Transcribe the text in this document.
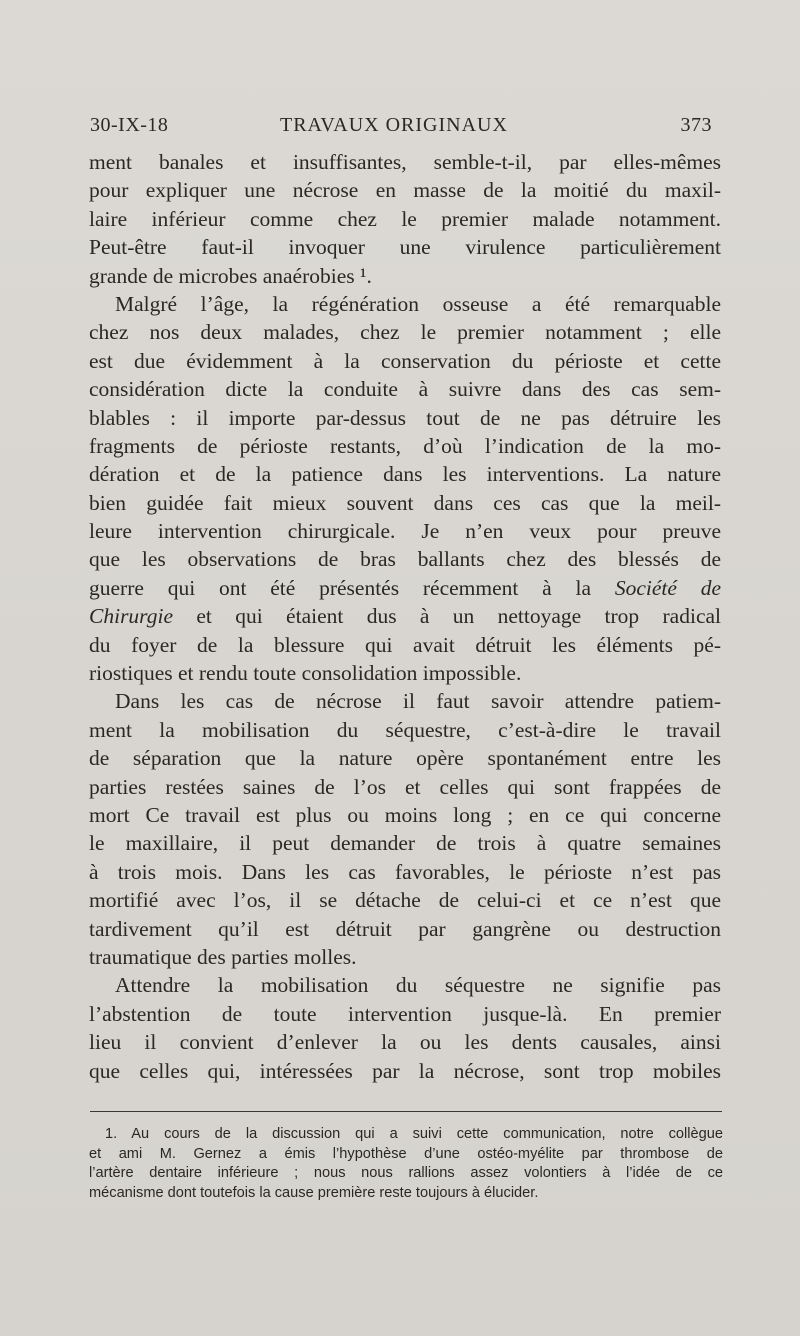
30-IX-18	TRAVAUX ORIGINAUX	373
ment banales et insuffisantes, semble-t-il, par elles-mêmes
pour expliquer une nécrose en masse de la moitié du maxil-
laire inférieur comme chez le premier malade notamment.
Peut-être faut-il invoquer une virulence particulièrement
grande de microbes anaérobies ¹.
Malgré l’âge, la régénération osseuse a été remarquable
chez nos deux malades, chez le premier notamment ; elle
est due évidemment à la conservation du périoste et cette
considération dicte la conduite à suivre dans des cas sem-
blables : il importe par-dessus tout de ne pas détruire les
fragments de périoste restants, d’où l’indication de la mo-
dération et de la patience dans les interventions. La nature
bien guidée fait mieux souvent dans ces cas que la meil-
leure intervention chirurgicale. Je n’en veux pour preuve
que les observations de bras ballants chez des blessés de
guerre qui ont été présentés récemment à la Société de
Chirurgie et qui étaient dus à un nettoyage trop radical
du foyer de la blessure qui avait détruit les éléments pé-
riostiques et rendu toute consolidation impossible.
Dans les cas de nécrose il faut savoir attendre patiem-
ment la mobilisation du séquestre, c’est-à-dire le travail
de séparation que la nature opère spontanément entre les
parties restées saines de l’os et celles qui sont frappées de
mort Ce travail est plus ou moins long ; en ce qui concerne
le maxillaire, il peut demander de trois à quatre semaines
à trois mois. Dans les cas favorables, le périoste n’est pas
mortifié avec l’os, il se détache de celui-ci et ce n’est que
tardivement qu’il est détruit par gangrène ou destruction
traumatique des parties molles.
Attendre la mobilisation du séquestre ne signifie pas
l’abstention de toute intervention jusque-là. En premier
lieu il convient d’enlever la ou les dents causales, ainsi
que celles qui, intéressées par la nécrose, sont trop mobiles
1. Au cours de la discussion qui a suivi cette communication, notre collègue
et ami M. Gernez a émis l’hypothèse d’une ostéo-myélite par thrombose de
l’artère dentaire inférieure ; nous nous rallions assez volontiers à l’idée de ce
mécanisme dont toutefois la cause première reste toujours à élucider.
